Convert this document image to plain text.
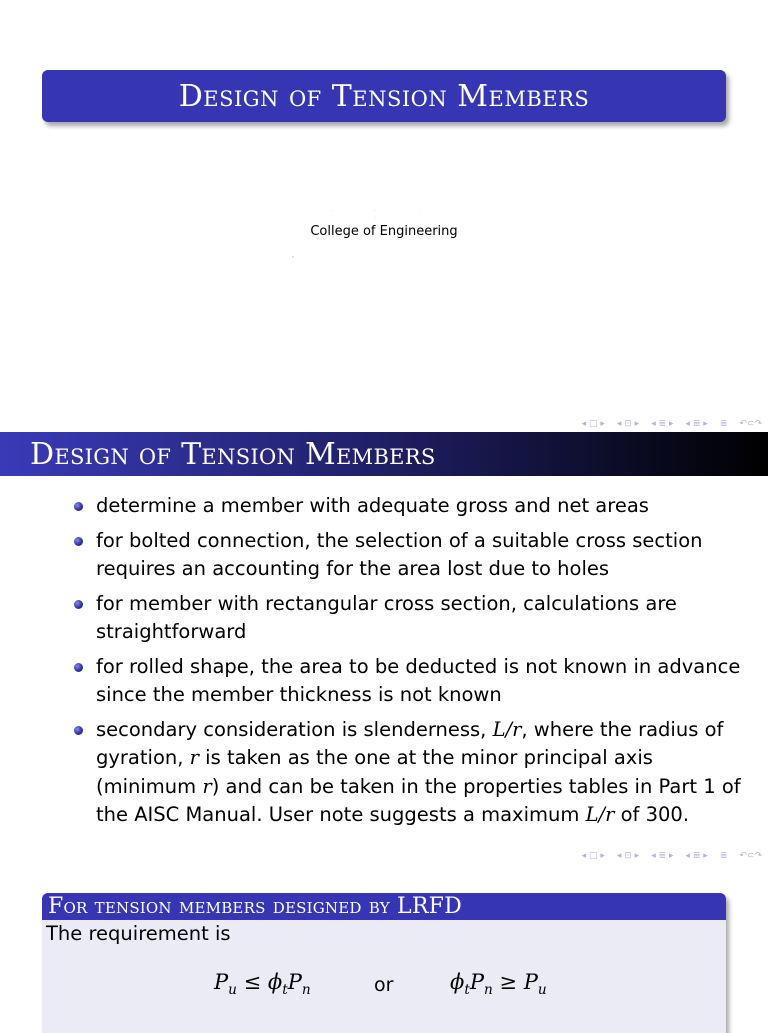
Design of Tension Members
· · · ·
College of Engineering
◂ □ ▸ ◂ ⊡ ▸ ◂ ≣ ▸ ◂ ≣ ▸ ≣ ↶⊂↷
Design of Tension Members
determine a member with adequate gross and net areas
for bolted connection, the selection of a suitable cross section requires an accounting for the area lost due to holes
for member with rectangular cross section, calculations are straightforward
for rolled shape, the area to be deducted is not known in advance since the member thickness is not known
secondary consideration is slenderness, L/r, where the radius of gyration, r is taken as the one at the minor principal axis (minimum r) and can be taken in the properties tables in Part 1 of the AISC Manual. User note suggests a maximum L/r of 300.
◂ □ ▸ ◂ ⊡ ▸ ◂ ≣ ▸ ◂ ≣ ▸ ≣ ↶⊂↷
For tension members designed by LRFD
The requirement is
$P_u \le \phi_tP_n$	or	$\phi_tP_n \ge P_u$
